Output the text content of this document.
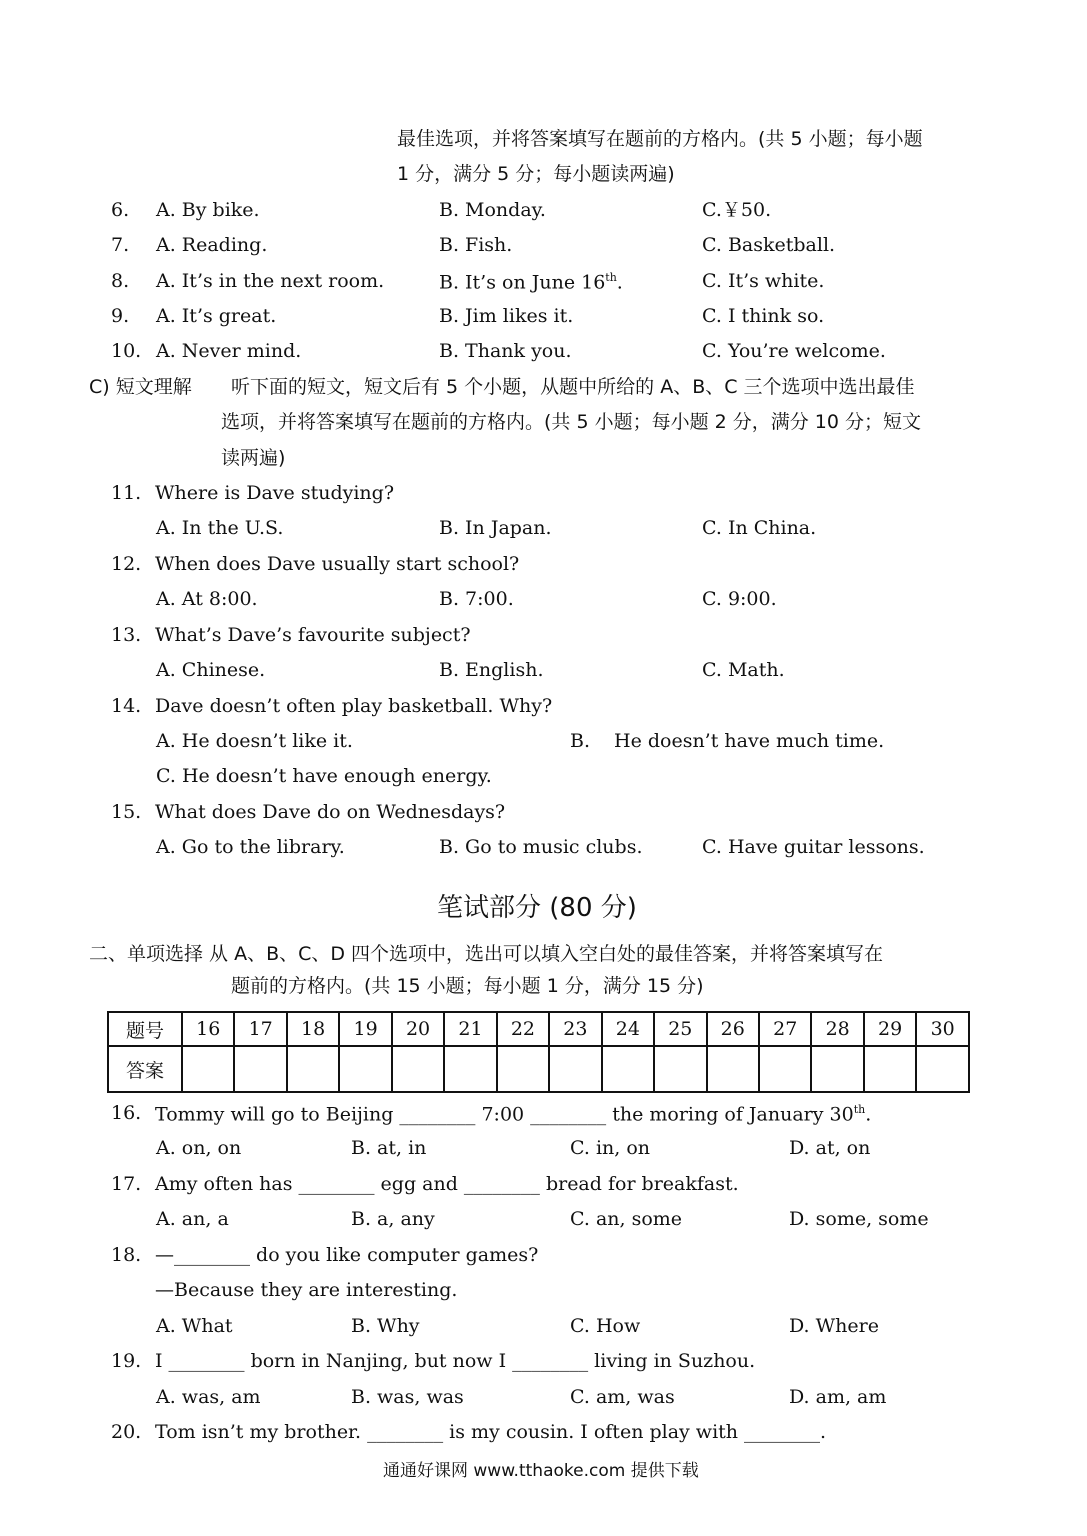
最佳选项，并将答案填写在题前的方格内。(共 5 小题；每小题
1 分，满分 5 分；每小题读两遍)
6. A. By bike.	B. Monday.	C.￥50.
7. A. Reading.	B. Fish.	C. Basketball.
8. A. It’s in the next room.	B. It’s on June 16th.	C. It’s white.
9. A. It’s great.	B. Jim likes it.	C. I think so.
10. A. Never mind.	B. Thank you.	C. You’re welcome.
C) 短文理解 听下面的短文，短文后有 5 个小题，从题中所给的 A、B、C 三个选项中选出最佳
选项，并将答案填写在题前的方格内。(共 5 小题；每小题 2 分，满分 10 分；短文
读两遍)
11. Where is Dave studying?
A. In the U.S.	B. In Japan.	C. In China.
12. When does Dave usually start school?
A. At 8:00.	B. 7:00.	C. 9:00.
13. What’s Dave’s favourite subject?
A. Chinese.	B. English.	C. Math.
14. Dave doesn’t often play basketball. Why?
A. He doesn’t like it.	B. He doesn’t have much time.
C. He doesn’t have enough energy.
15. What does Dave do on Wednesdays?
A. Go to the library.	B. Go to music clubs.	C. Have guitar lessons.
笔试部分 (80 分)
二、单项选择 从 A、B、C、D 四个选项中，选出可以填入空白处的最佳答案，并将答案填写在
题前的方格内。(共 15 小题；每小题 1 分，满分 15 分)
题号	16	17	18	19	20	21	22	23	24	25	26	27	28	29	30
答案															
16. Tommy will go to Beijing ________ 7:00 ________ the moring of January 30th.
A. on, on	B. at, in	C. in, on	D. at, on
17. Amy often has ________ egg and ________ bread for breakfast.
A. an, a	B. a, any	C. an, some	D. some, some
18. —________ do you like computer games?
—Because they are interesting.
A. What	B. Why	C. How	D. Where
19. I ________ born in Nanjing, but now I ________ living in Suzhou.
A. was, am	B. was, was	C. am, was	D. am, am
20. Tom isn’t my brother. ________ is my cousin. I often play with ________.
通通好课网 www.tthaoke.com 提供下载
